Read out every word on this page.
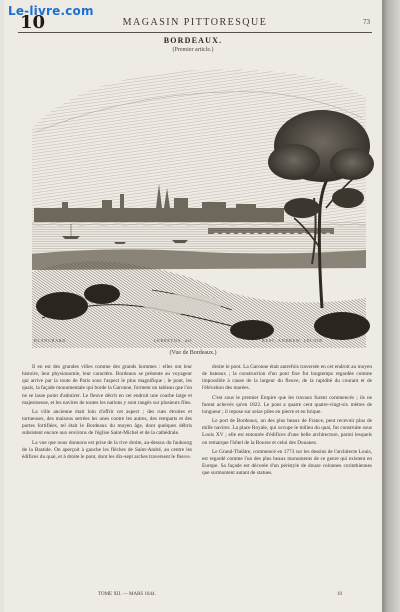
Le-livre.com
10	MAGASIN PITTORESQUE	73
BORDEAUX.
(Premier article.)
BLANCHARD.	LEBRETON, del.	BEST, ANDREW, LELOIR
(Vue de Bordeaux.)

Il en est des grandes villes comme des grands hommes : elles ont leur histoire, leur physionomie, leur caractère. Bordeaux se présente au voyageur qui arrive par la route de Paris sous l'aspect le plus magnifique ; le pont, les quais, la façade monumentale qui borde la Garonne, forment un tableau que l'on ne se lasse point d'admirer. Le fleuve décrit en cet endroit une courbe large et majestueuse, et les navires de toutes les nations y sont rangés sur plusieurs files.

La ville ancienne était loin d'offrir cet aspect ; des rues étroites et tortueuses, des maisons serrées les unes contre les autres, des remparts et des portes fortifiées, tel était le Bordeaux du moyen âge, dont quelques débris subsistent encore aux environs de l'église Saint-Michel et de la cathédrale.

La vue que nous donnons est prise de la rive droite, au-dessus du faubourg de la Bastide. On aperçoit à gauche les flèches de Saint-André, au centre les édifices du quai, et à droite le pont, dont les dix-sept arches traversent le fleuve.

droite le pont. La Garonne était autrefois traversée en cet endroit au moyen de bateaux ; la construction d'un pont fixe fut longtemps regardée comme impossible à cause de la largeur du fleuve, de la rapidité du courant et de l'élévation des marées.

C'est sous le premier Empire que les travaux furent commencés ; ils ne furent achevés qu'en 1822. Le pont a quatre cent quatre-vingt-six mètres de longueur ; il repose sur seize piles en pierre et en brique.

Le port de Bordeaux, un des plus beaux de France, peut recevoir plus de mille navires. La place Royale, qui occupe le milieu du quai, fut construite sous Louis XV ; elle est entourée d'édifices d'une belle architecture, parmi lesquels on remarque l'hôtel de la Bourse et celui des Douanes.

Le Grand-Théâtre, commencé en 1773 sur les dessins de l'architecte Louis, est regardé comme l'un des plus beaux monuments de ce genre qui existent en Europe. Sa façade est décorée d'un péristyle de douze colonnes corinthiennes que surmontent autant de statues.

TOME XII. — MARS 1844.	10
